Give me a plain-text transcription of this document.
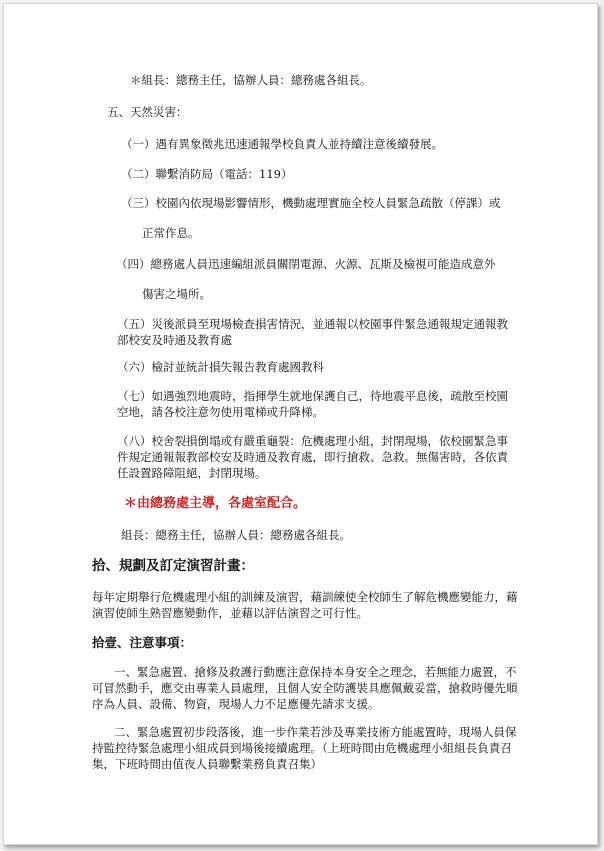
＊組長：總務主任，協辦人員：總務處各組長。
五、天然災害：
（一）遇有異象徵兆迅速通報學校負責人並持續注意後續發展。
（二）聯繫消防局（電話：119）
（三）校園內依現場影響情形，機動處理實施全校人員緊急疏散（停課）或
正常作息。
（四）總務處人員迅速編組派員關閉電源、火源、瓦斯及檢視可能造成意外
傷害之場所。
（五）災後派員至現場檢查損害情況，並通報以校園事件緊急通報規定通報教部校安及時通及教育處
（六）檢討並統計損失報告教育處國教科
（七）如遇強烈地震時，指揮學生就地保護自己，待地震平息後，疏散至校園空地，請各校注意勿使用電梯或升降梯。
（八）校舍裂損倒塌或有嚴重龜裂：危機處理小組，封閉現場，依校園緊急事件規定通報報教部校安及時通及教育處，即行搶救、急救。無傷害時，各依責任設置路障阻絕，封閉現場。
＊由總務處主導，各處室配合。
組長：總務主任，協辦人員：總務處各組長。
拾、規劃及訂定演習計畫：
每年定期舉行危機處理小組的訓練及演習，藉訓練使全校師生了解危機應變能力，藉演習使師生熟習應變動作，並藉以評估演習之可行性。
拾壹、注意事項：
一、緊急處置、搶修及救護行動應注意保持本身安全之理念，若無能力處置，不可冒然動手，應交由專業人員處理，且個人安全防護裝具應佩戴妥當，搶救時優先順序為人員、設備、物資，現場人力不足應優先請求支援。
二、緊急處置初步段落後，進一步作業若涉及專業技術方能處置時，現場人員保持監控待緊急處理小組成員到場後接續處理。（上班時間由危機處理小組組長負責召集，下班時間由值夜人員聯繫業務負責召集）
